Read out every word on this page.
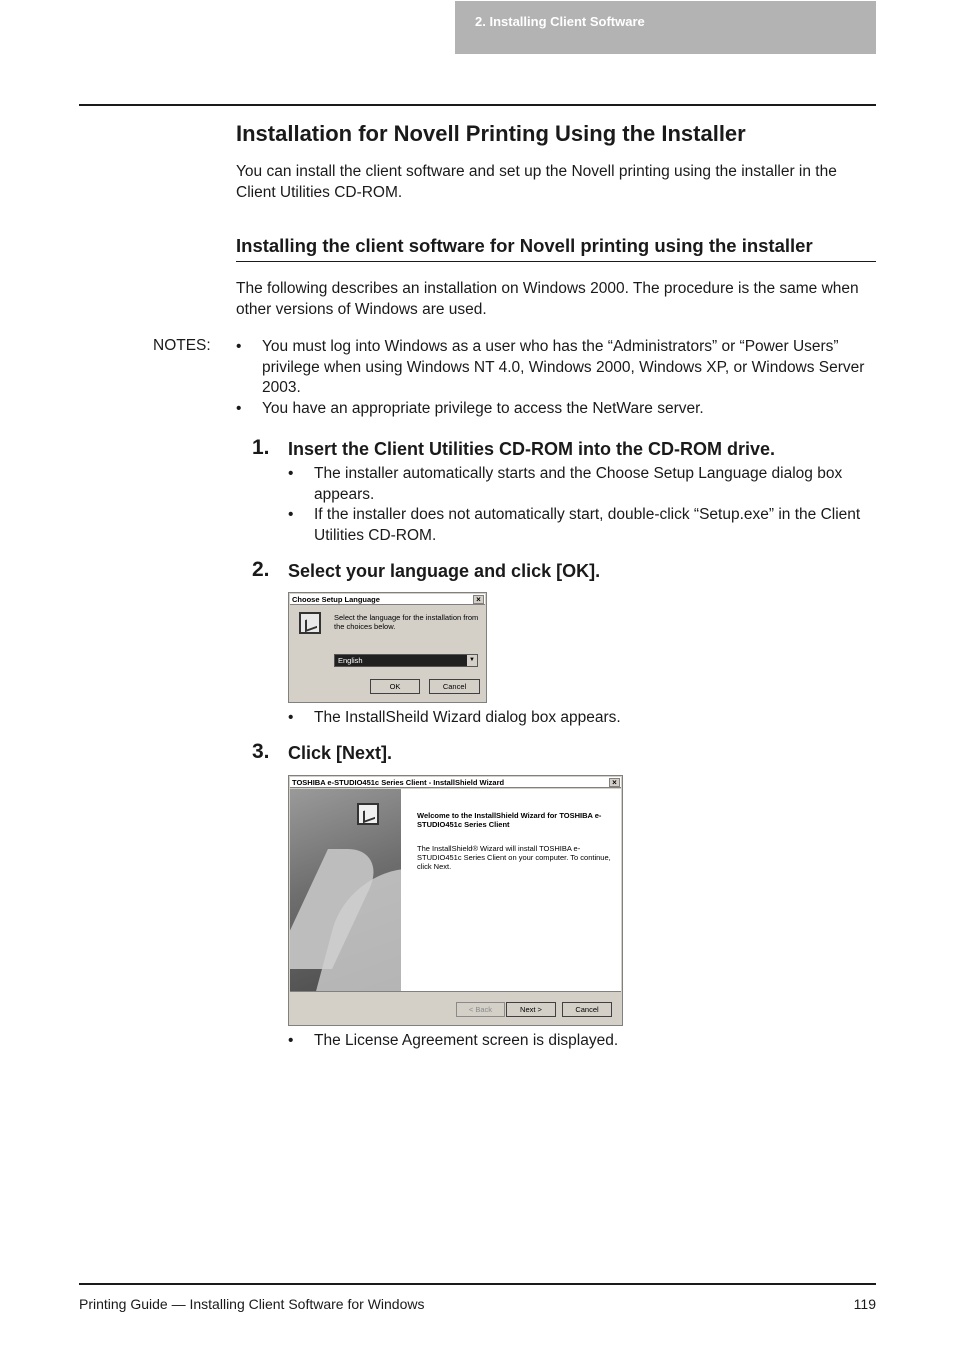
2. Installing Client Software
Installation for Novell Printing Using the Installer
You can install the client software and set up the Novell printing using the installer in the Client Utilities CD-ROM.
Installing the client software for Novell printing using the installer
The following describes an installation on Windows 2000. The procedure is the same when other versions of Windows are used.
NOTES:
•	You must log into Windows as a user who has the “Administrators” or “Power Users” privilege when using Windows NT 4.0, Windows 2000, Windows XP, or Windows Server 2003.
• You have an appropriate privilege to access the NetWare server.
1. Insert the Client Utilities CD-ROM into the CD-ROM drive.
• The installer automatically starts and the Choose Setup Language dialog box appears.
• If the installer does not automatically start, double-click “Setup.exe” in the Client Utilities CD-ROM.
2. Select your language and click [OK].
Choose Setup Language	×
Select the language for the installation from the choices below.
English	▼
OK	Cancel
• The InstallSheild Wizard dialog box appears.
3. Click [Next].
TOSHIBA e-STUDIO451c Series Client - InstallShield Wizard	×
Welcome to the InstallShield Wizard for TOSHIBA e-STUDIO451c Series Client
The InstallShield® Wizard will install TOSHIBA e-STUDIO451c Series Client on your computer. To continue, click Next.
< Back	Next >	Cancel
• The License Agreement screen is displayed.
Printing Guide — Installing Client Software for Windows	119
